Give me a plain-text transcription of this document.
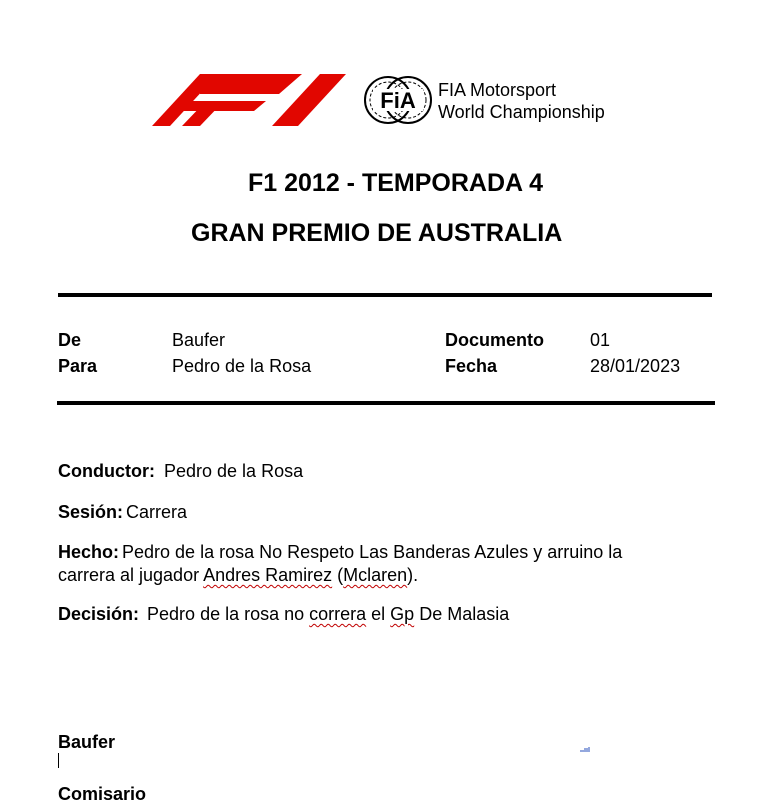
FiA FIA Motorsport
World Championship
F1 2012 - TEMPORADA 4
GRAN PREMIO DE AUSTRALIA
De	Baufer	Documento	01
Para	Pedro de la Rosa	Fecha	28/01/2023
Conductor: Pedro de la Rosa
Sesión: Carrera
Hecho: Pedro de la rosa No Respeto Las Banderas Azules y arruino la carrera al jugador Andres Ramirez (Mclaren).
Decisión: Pedro de la rosa no correra el Gp De Malasia
Baufer
Comisario
